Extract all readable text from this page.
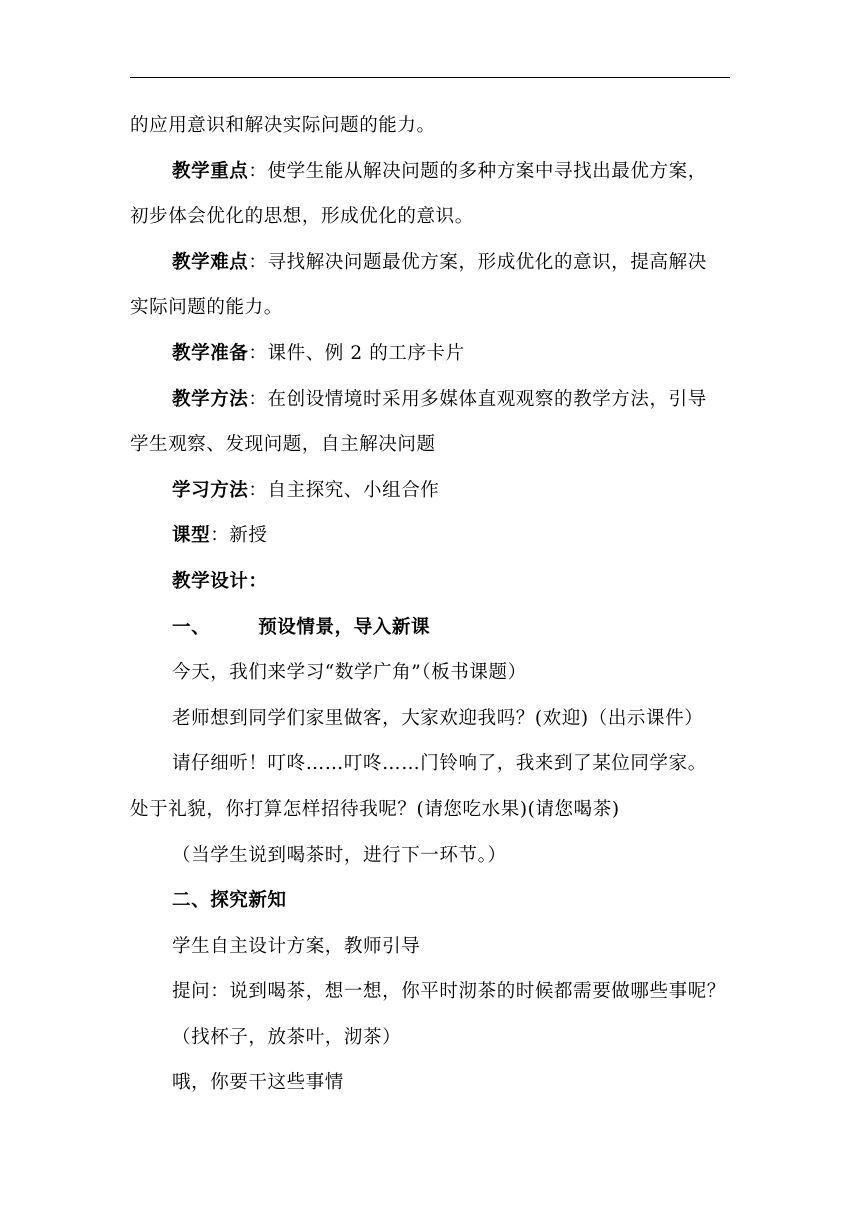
的应用意识和解决实际问题的能力。
教学重点：使学生能从解决问题的多种方案中寻找出最优方案，
初步体会优化的思想，形成优化的意识。
教学难点：寻找解决问题最优方案，形成优化的意识，提高解决
实际问题的能力。
教学准备：课件、例 2 的工序卡片
教学方法：在创设情境时采用多媒体直观观察的教学方法，引导
学生观察、发现问题，自主解决问题
学习方法：自主探究、小组合作
课型：新授
教学设计：
一、	预设情景，导入新课
今天，我们来学习“数学广角”（板书课题）
老师想到同学们家里做客，大家欢迎我吗？(欢迎)（出示课件）
请仔细听！叮咚……叮咚……门铃响了，我来到了某位同学家。
处于礼貌，你打算怎样招待我呢？(请您吃水果)(请您喝茶)
（当学生说到喝茶时，进行下一环节。）
二、探究新知
学生自主设计方案，教师引导
提问：说到喝茶，想一想，你平时沏茶的时候都需要做哪些事呢？
（找杯子，放茶叶，沏茶）
哦，你要干这些事情
